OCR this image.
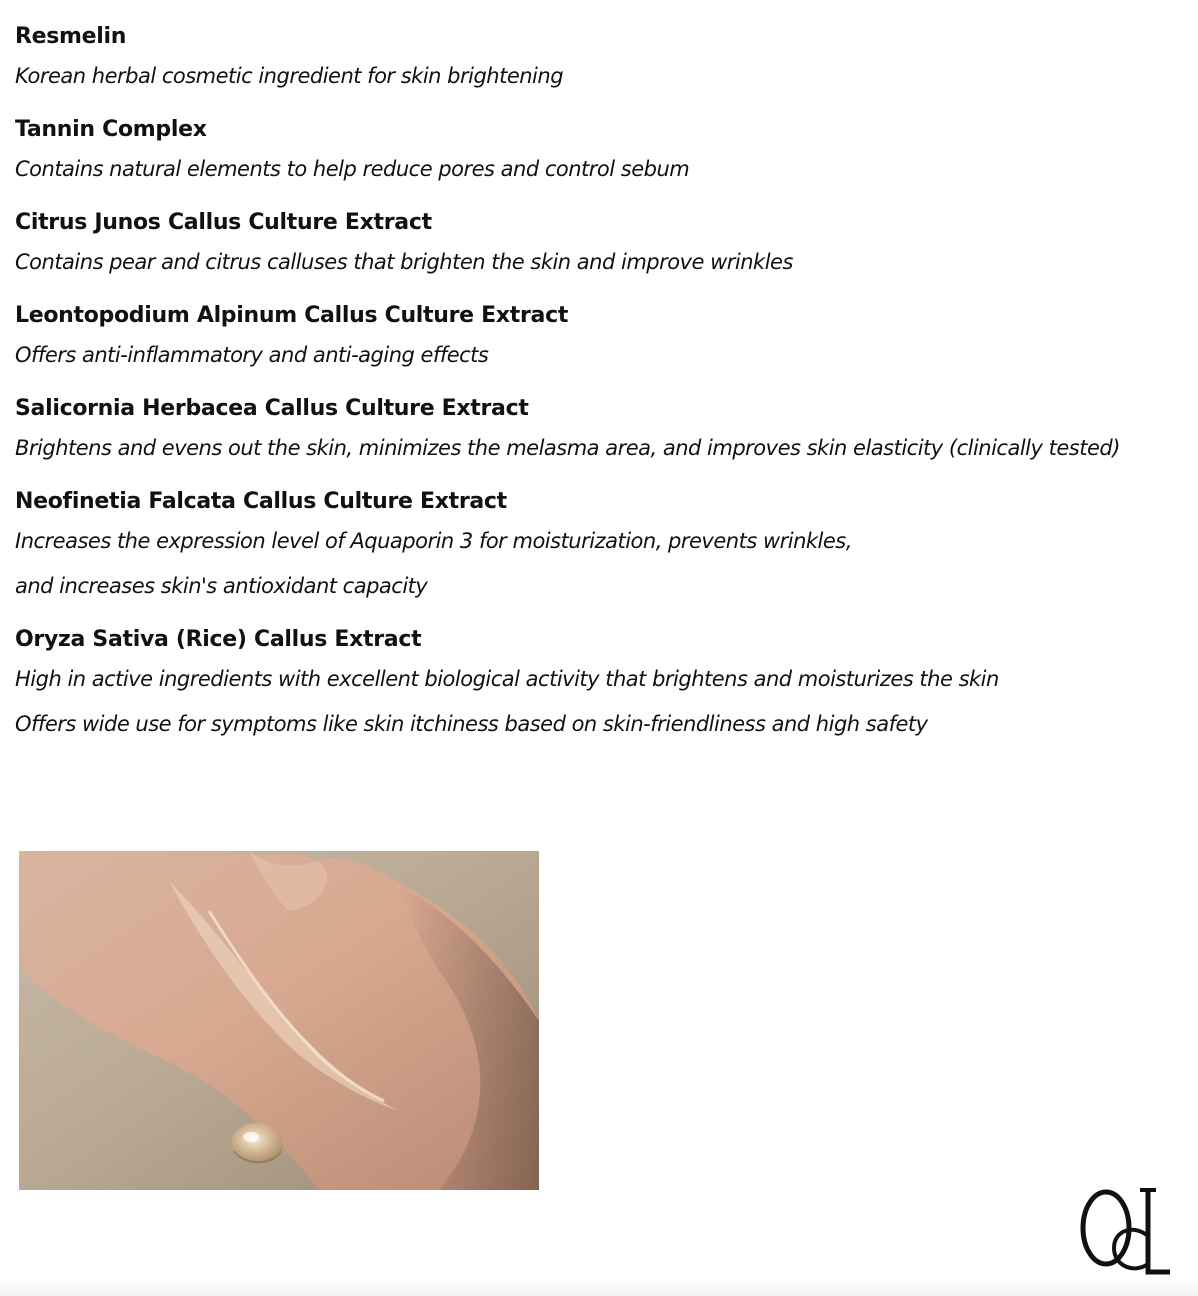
Resmelin
Korean herbal cosmetic ingredient for skin brightening
Tannin Complex
Contains natural elements to help reduce pores and control sebum
Citrus Junos Callus Culture Extract
Contains pear and citrus calluses that brighten the skin and improve wrinkles
Leontopodium Alpinum Callus Culture Extract
Offers anti-inflammatory and anti-aging effects
Salicornia Herbacea Callus Culture Extract
Brightens and evens out the skin, minimizes the melasma area, and improves skin elasticity (clinically tested)
Neofinetia Falcata Callus Culture Extract
Increases the expression level of Aquaporin 3 for moisturization, prevents wrinkles,
and increases skin's antioxidant capacity
Oryza Sativa (Rice) Callus Extract
High in active ingredients with excellent biological activity that brightens and moisturizes the skin
Offers wide use for symptoms like skin itchiness based on skin-friendliness and high safety
